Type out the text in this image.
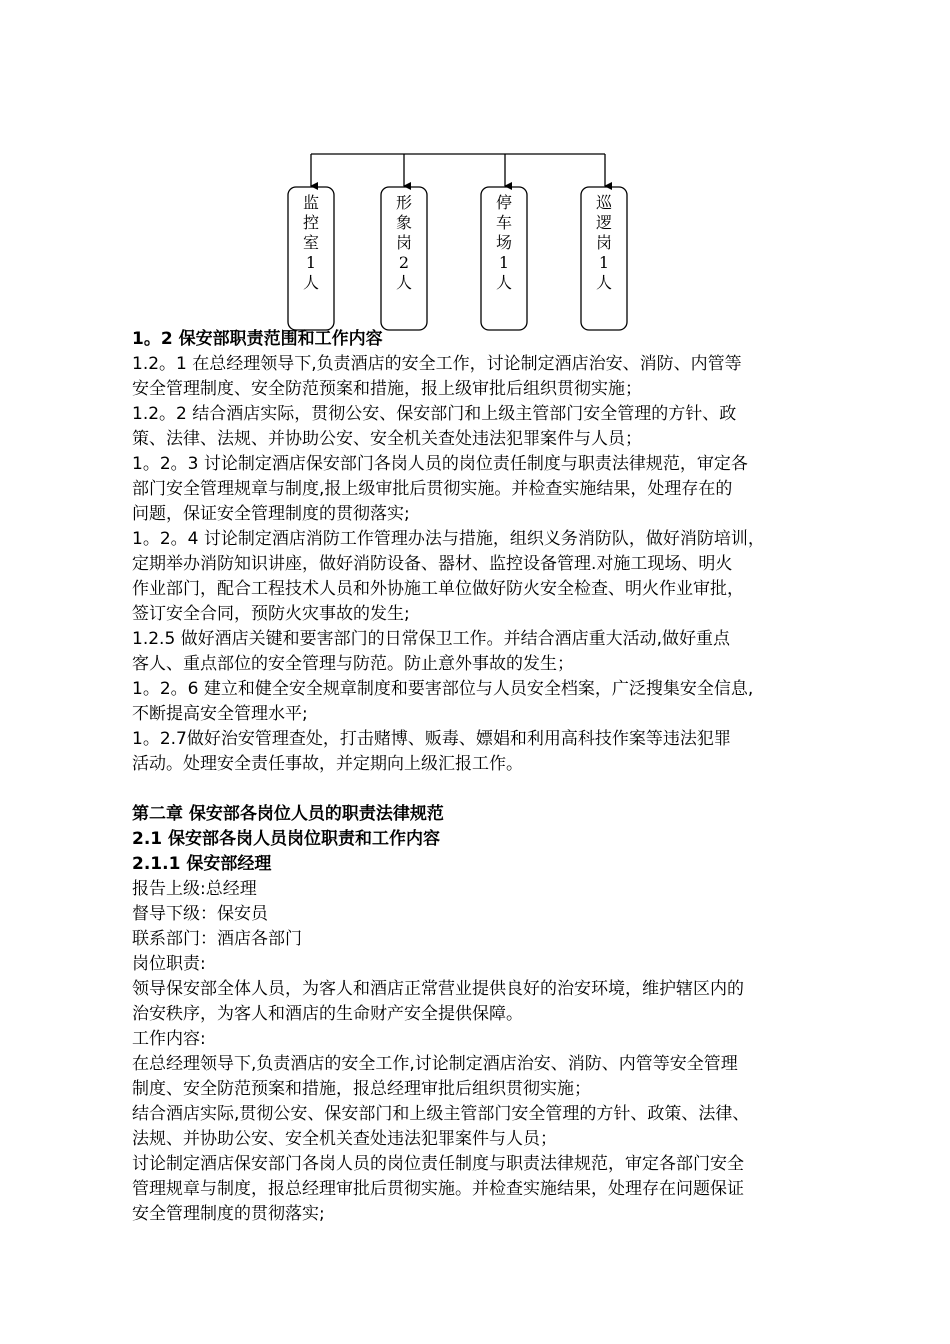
监
控
室
1
人
形
象
岗
2
人
停
车
场
1
人
巡
逻
岗
1
人

1。2 保安部职责范围和工作内容

1.2。1 在总经理领导下,负责酒店的安全工作，讨论制定酒店治安、消防、内管等

安全管理制度、安全防范预案和措施，报上级审批后组织贯彻实施；

1.2。2 结合酒店实际，贯彻公安、保安部门和上级主管部门安全管理的方针、政

策、法律、法规、并协助公安、安全机关查处违法犯罪案件与人员；

1。2。3 讨论制定酒店保安部门各岗人员的岗位责任制度与职责法律规范，审定各

部门安全管理规章与制度,报上级审批后贯彻实施。并检查实施结果，处理存在的

问题，保证安全管理制度的贯彻落实;

1。2。4 讨论制定酒店消防工作管理办法与措施，组织义务消防队，做好消防培训，

定期举办消防知识讲座，做好消防设备、器材、监控设备管理.对施工现场、明火

作业部门，配合工程技术人员和外协施工单位做好防火安全检查、明火作业审批，

签订安全合同，预防火灾事故的发生;

1.2.5 做好酒店关键和要害部门的日常保卫工作。并结合酒店重大活动,做好重点

客人、重点部位的安全管理与防范。防止意外事故的发生；

1。2。6 建立和健全安全规章制度和要害部位与人员安全档案，广泛搜集安全信息,

不断提高安全管理水平;

1。2.7做好治安管理查处，打击赌博、贩毒、嫖娼和利用高科技作案等违法犯罪

活动。处理安全责任事故，并定期向上级汇报工作。

第二章 保安部各岗位人员的职责法律规范

2.1 保安部各岗人员岗位职责和工作内容

2.1.1 保安部经理

报告上级:总经理

督导下级：保安员

联系部门：酒店各部门

岗位职责:

领导保安部全体人员，为客人和酒店正常营业提供良好的治安环境，维护辖区内的

治安秩序，为客人和酒店的生命财产安全提供保障。

工作内容:

在总经理领导下,负责酒店的安全工作,讨论制定酒店治安、消防、内管等安全管理

制度、安全防范预案和措施，报总经理审批后组织贯彻实施；

结合酒店实际,贯彻公安、保安部门和上级主管部门安全管理的方针、政策、法律、

法规、并协助公安、安全机关查处违法犯罪案件与人员；

讨论制定酒店保安部门各岗人员的岗位责任制度与职责法律规范，审定各部门安全

管理规章与制度，报总经理审批后贯彻实施。并检查实施结果，处理存在问题保证

安全管理制度的贯彻落实;
